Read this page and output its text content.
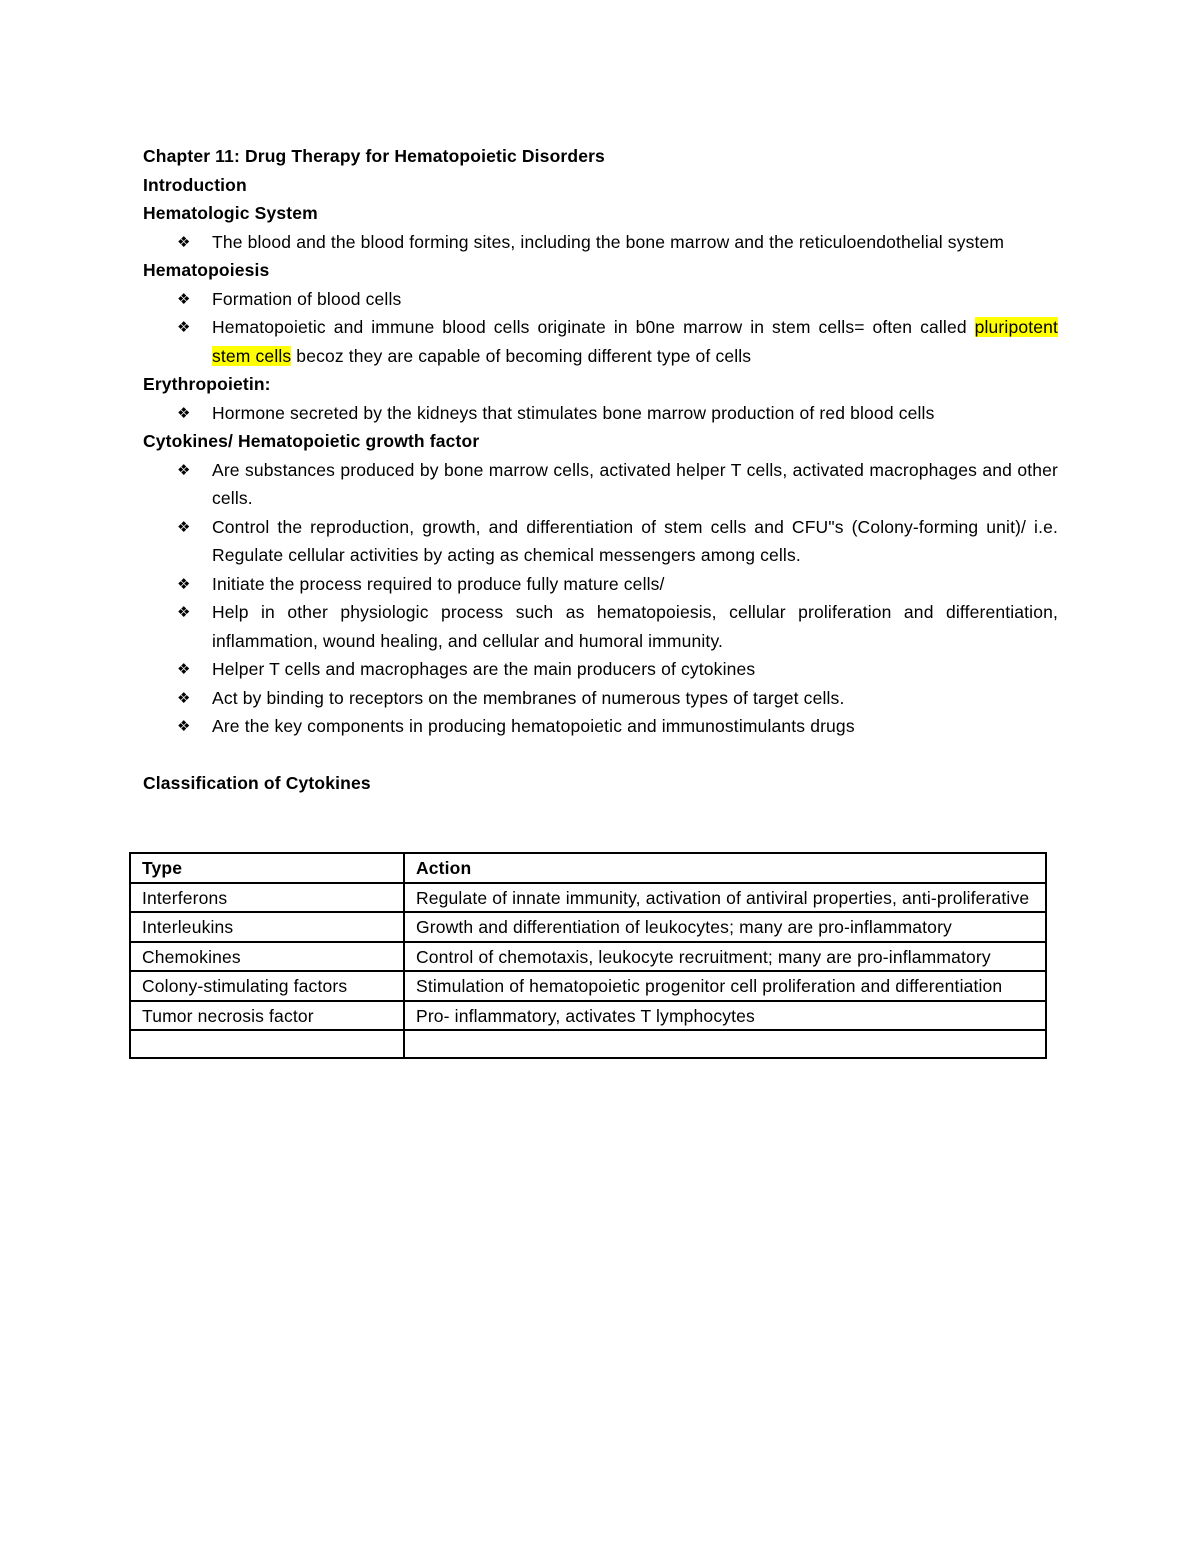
Chapter 11: Drug Therapy for Hematopoietic Disorders

Introduction

Hematologic System

❖ The blood and the blood forming sites, including the bone marrow and the reticuloendothelial system

Hematopoiesis

❖ Formation of blood cells
❖ Hematopoietic and immune blood cells originate in b0ne marrow in stem cells= often called pluripotent stem cells becoz they are capable of becoming different type of cells

Erythropoietin:

❖ Hormone secreted by the kidneys that stimulates bone marrow production of red blood cells

Cytokines/ Hematopoietic growth factor

❖ Are substances produced by bone marrow cells, activated helper T cells, activated macrophages and other cells.
❖ Control the reproduction, growth, and differentiation of stem cells and CFU"s (Colony-forming unit)/ i.e. Regulate cellular activities by acting as chemical messengers among cells.
❖ Initiate the process required to produce fully mature cells/
❖ Help in other physiologic process such as hematopoiesis, cellular proliferation and differentiation, inflammation, wound healing, and cellular and humoral immunity.
❖ Helper T cells and macrophages are the main producers of cytokines
❖ Act by binding to receptors on the membranes of numerous types of target cells.
❖ Are the key components in producing hematopoietic and immunostimulants drugs

Classification of Cytokines

Type	Action
Interferons	Regulate of innate immunity, activation of antiviral properties, anti-proliferative
Interleukins	Growth and differentiation of leukocytes; many are pro-inflammatory
Chemokines	Control of chemotaxis, leukocyte recruitment; many are pro-inflammatory
Colony-stimulating factors	Stimulation of hematopoietic progenitor cell proliferation and differentiation
Tumor necrosis factor	Pro- inflammatory, activates T lymphocytes
